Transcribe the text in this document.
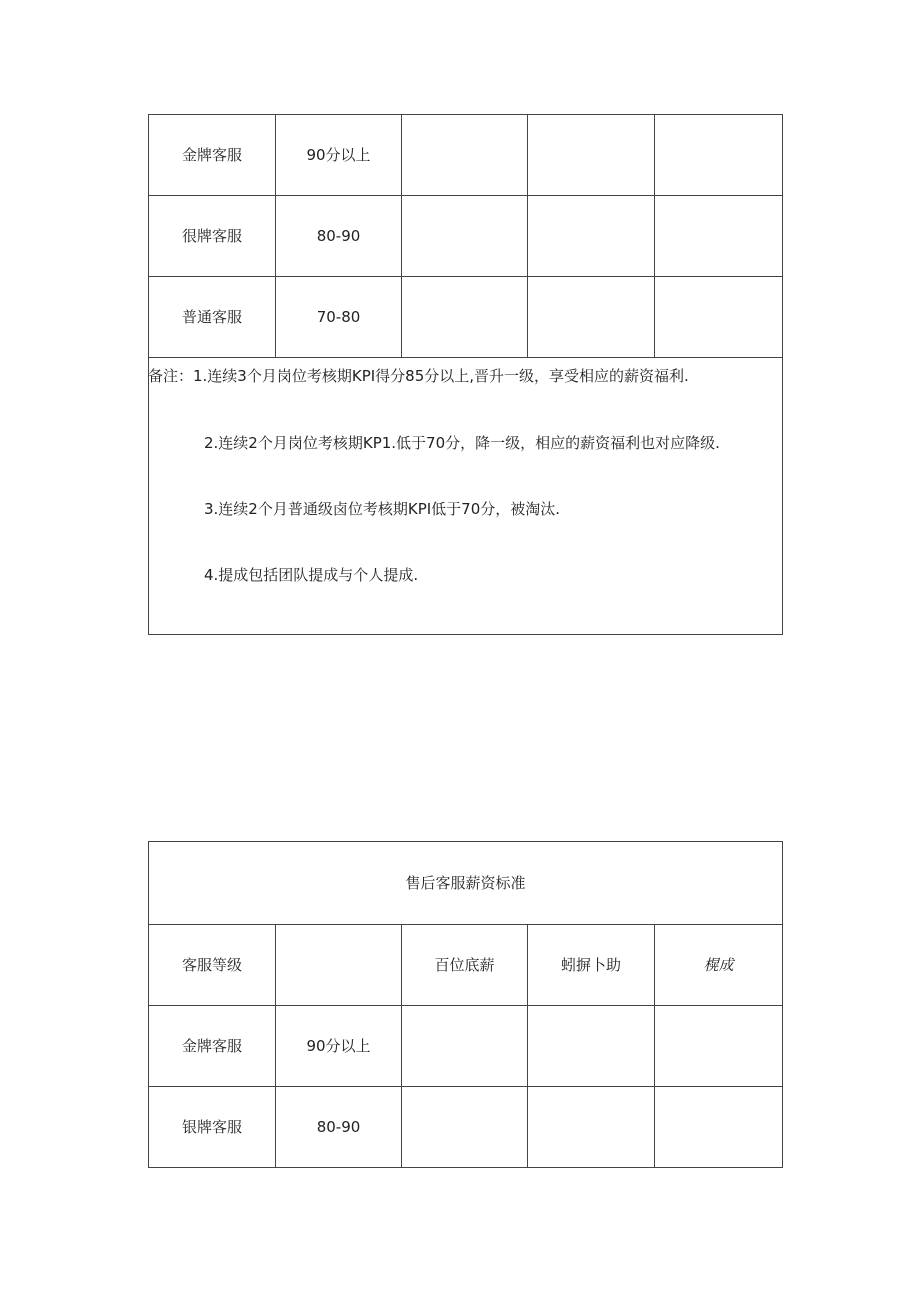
金牌客服	90分以上			
很牌客服	80-90			
普通客服	70-80			

备注：1.连续3个月岗位考核期KPI得分85分以上,晋升一级，享受相应的薪资福利.
2.连续2个月岗位考核期KP1.低于70分，降一级，相应的薪资福利也对应降级.
3.连续2个月普通级卤位考核期KPI低于70分，被淘汰.
4.提成包括团队提成与个人提成.				
售后客服薪资标准				
客服等级		百位底薪	蚓摒卜助	榥成
金牌客服	90分以上			
银牌客服	80-90			
